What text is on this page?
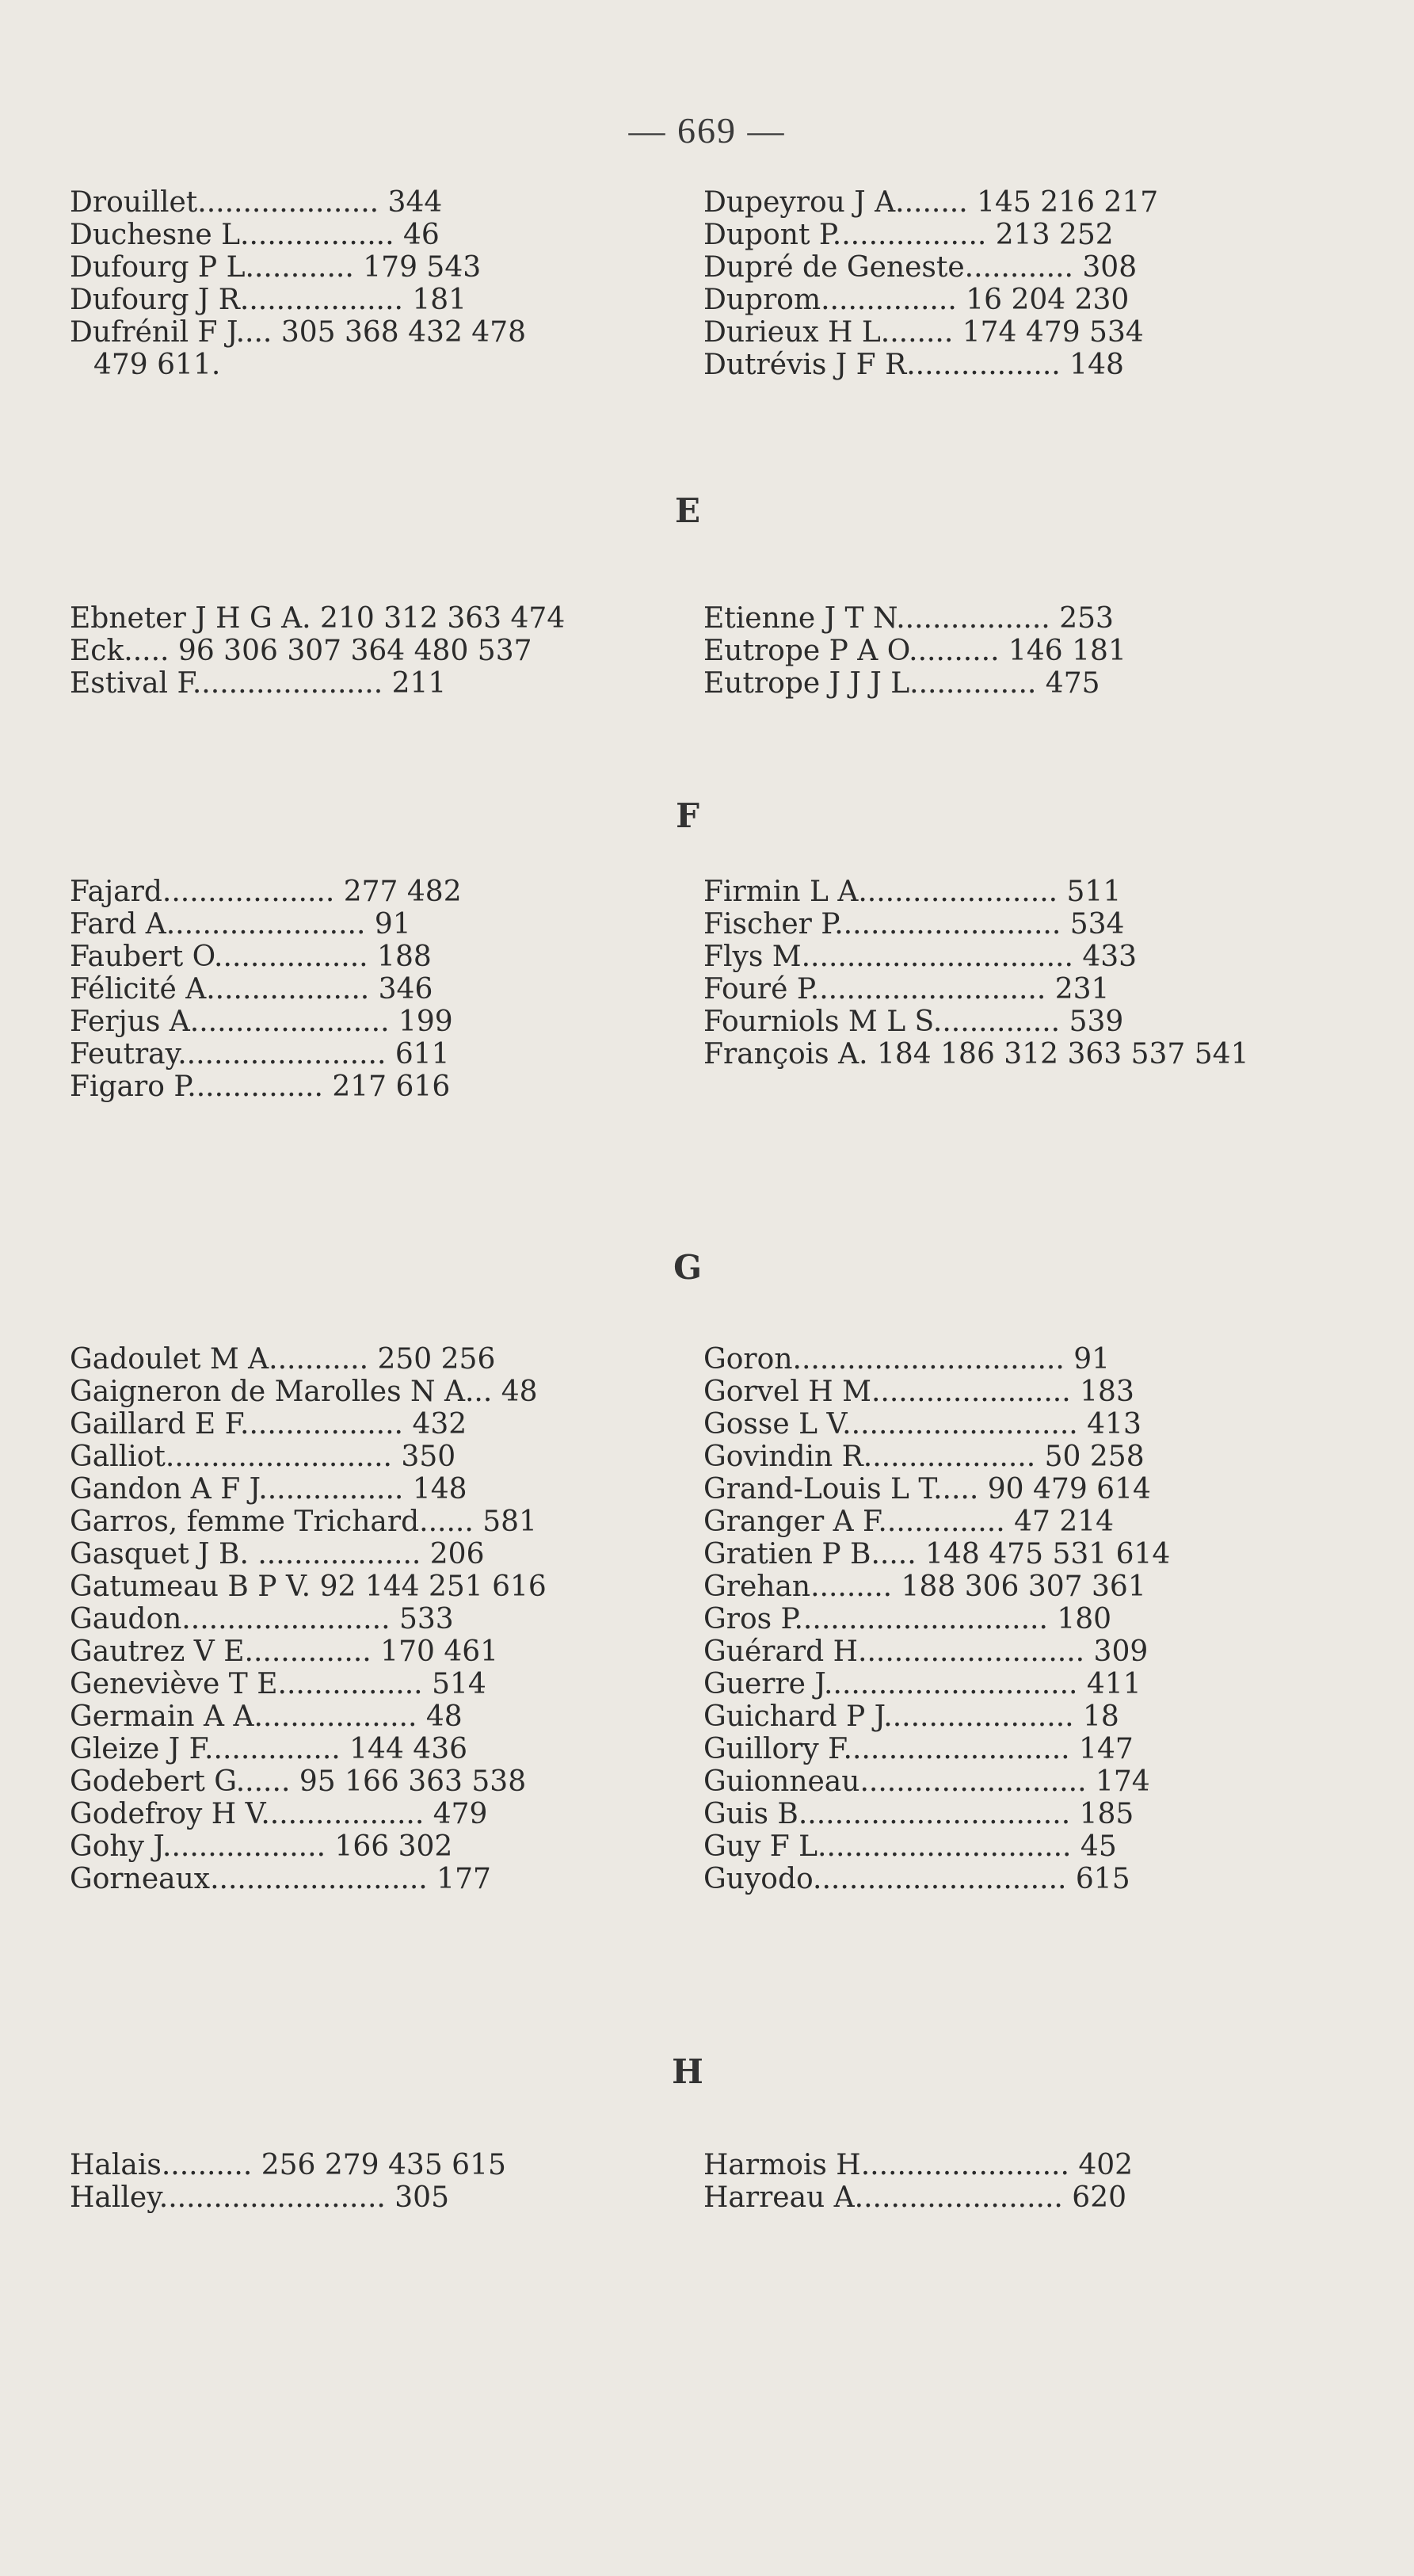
— 669 —
Drouillet.................... 344
Duchesne L................. 46
Dufourg P L............ 179 543
Dufourg J R.................. 181
Dufrénil F J.... 305 368 432 478
479 611.
Dupeyrou J A........ 145 216 217
Dupont P................. 213 252
Dupré de Geneste............ 308
Duprom............... 16 204 230
Durieux H L........ 174 479 534
Dutrévis J F R................. 148
E
Ebneter J H G A. 210 312 363 474
Eck..... 96 306 307 364 480 537
Estival F..................... 211
Etienne J T N................. 253
Eutrope P A O.......... 146 181
Eutrope J J J L.............. 475
F
Fajard................... 277 482
Fard A...................... 91
Faubert O................. 188
Félicité A.................. 346
Ferjus A...................... 199
Feutray....................... 611
Figaro P............... 217 616
Firmin L A...................... 511
Fischer P......................... 534
Flys M.............................. 433
Fouré P.......................... 231
Fourniols M L S.............. 539
François A. 184 186 312 363 537 541
G
Gadoulet M A........... 250 256
Gaigneron de Marolles N A... 48
Gaillard E F.................. 432
Galliot......................... 350
Gandon A F J................ 148
Garros, femme Trichard...... 581
Gasquet J B. .................. 206
Gatumeau B P V. 92 144 251 616
Gaudon....................... 533
Gautrez V E.............. 170 461
Geneviève T E................ 514
Germain A A.................. 48
Gleize J F............... 144 436
Godebert G...... 95 166 363 538
Godefroy H V.................. 479
Gohy J.................. 166 302
Gorneaux........................ 177
Goron.............................. 91
Gorvel H M...................... 183
Gosse L V.......................... 413
Govindin R................... 50 258
Grand-Louis L T..... 90 479 614
Granger A F.............. 47 214
Gratien P B..... 148 475 531 614
Grehan......... 188 306 307 361
Gros P............................ 180
Guérard H......................... 309
Guerre J............................ 411
Guichard P J..................... 18
Guillory F......................... 147
Guionneau......................... 174
Guis B.............................. 185
Guy F L............................ 45
Guyodo............................ 615
H
Halais.......... 256 279 435 615
Halley......................... 305
Harmois H....................... 402
Harreau A....................... 620
